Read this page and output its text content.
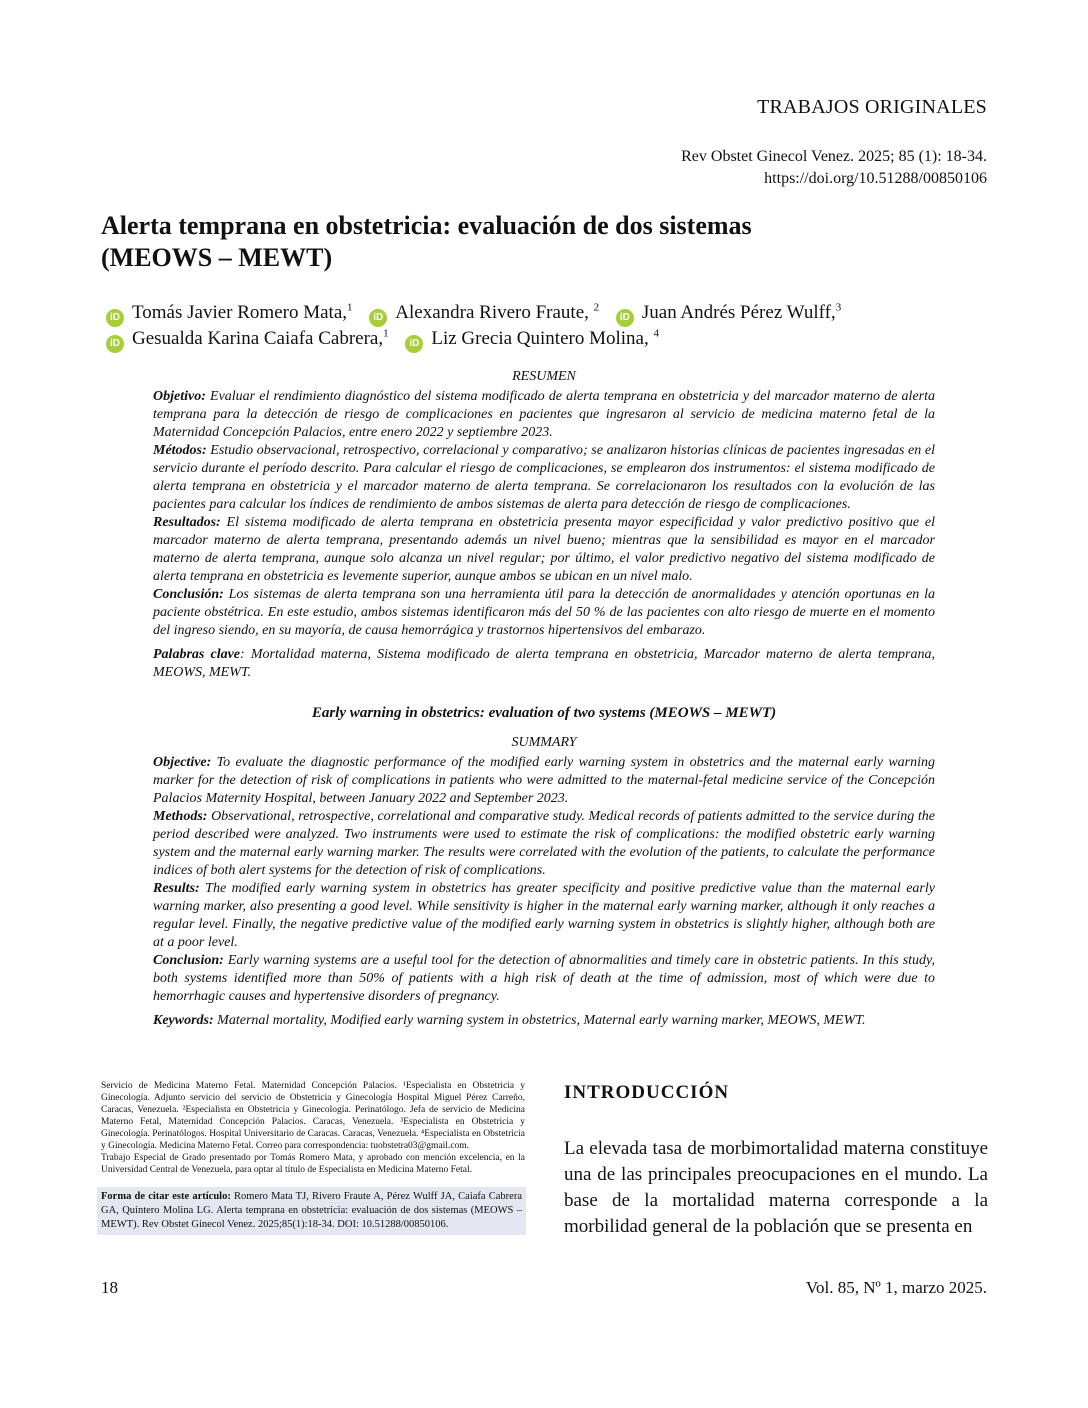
TRABAJOS ORIGINALES
Rev Obstet Ginecol Venez. 2025; 85 (1): 18-34.
https://doi.org/10.51288/00850106
Alerta temprana en obstetricia: evaluación de dos sistemas
(MEOWS – MEWT)
iD Tomás Javier Romero Mata,$^1$ iD Alexandra Rivero Fraute, $^2$ iD Juan Andrés Pérez Wulff,$^3$
iD Gesualda Karina Caiafa Cabrera,$^1$ iD Liz Grecia Quintero Molina, $^4$

RESUMEN

Objetivo: Evaluar el rendimiento diagnóstico del sistema modificado de alerta temprana en obstetricia y del marcador materno de alerta temprana para la detección de riesgo de complicaciones en pacientes que ingresaron al servicio de medicina materno fetal de la Maternidad Concepción Palacios, entre enero 2022 y septiembre 2023.

Métodos: Estudio observacional, retrospectivo, correlacional y comparativo; se analizaron historias clínicas de pacientes ingresadas en el servicio durante el período descrito. Para calcular el riesgo de complicaciones, se emplearon dos instrumentos: el sistema modificado de alerta temprana en obstetricia y el marcador materno de alerta temprana. Se correlacionaron los resultados con la evolución de las pacientes para calcular los índices de rendimiento de ambos sistemas de alerta para detección de riesgo de complicaciones.

Resultados: El sistema modificado de alerta temprana en obstetricia presenta mayor especificidad y valor predictivo positivo que el marcador materno de alerta temprana, presentando además un nivel bueno; mientras que la sensibilidad es mayor en el marcador materno de alerta temprana, aunque solo alcanza un nivel regular; por último, el valor predictivo negativo del sistema modificado de alerta temprana en obstetricia es levemente superior, aunque ambos se ubican en un nivel malo.

Conclusión: Los sistemas de alerta temprana son una herramienta útil para la detección de anormalidades y atención oportunas en la paciente obstétrica. En este estudio, ambos sistemas identificaron más del 50 % de las pacientes con alto riesgo de muerte en el momento del ingreso siendo, en su mayoría, de causa hemorrágica y trastornos hipertensivos del embarazo.

Palabras clave: Mortalidad materna, Sistema modificado de alerta temprana en obstetricia, Marcador materno de alerta temprana, MEOWS, MEWT.

Early warning in obstetrics: evaluation of two systems (MEOWS – MEWT)

SUMMARY

Objective: To evaluate the diagnostic performance of the modified early warning system in obstetrics and the maternal early warning marker for the detection of risk of complications in patients who were admitted to the maternal-fetal medicine service of the Concepción Palacios Maternity Hospital, between January 2022 and September 2023.

Methods: Observational, retrospective, correlational and comparative study. Medical records of patients admitted to the service during the period described were analyzed. Two instruments were used to estimate the risk of complications: the modified obstetric early warning system and the maternal early warning marker. The results were correlated with the evolution of the patients, to calculate the performance indices of both alert systems for the detection of risk of complications.

Results: The modified early warning system in obstetrics has greater specificity and positive predictive value than the maternal early warning marker, also presenting a good level. While sensitivity is higher in the maternal early warning marker, although it only reaches a regular level. Finally, the negative predictive value of the modified early warning system in obstetrics is slightly higher, although both are at a poor level.

Conclusion: Early warning systems are a useful tool for the detection of abnormalities and timely care in obstetric patients. In this study, both systems identified more than 50% of patients with a high risk of death at the time of admission, most of which were due to hemorrhagic causes and hypertensive disorders of pregnancy.

Keywords: Maternal mortality, Modified early warning system in obstetrics, Maternal early warning marker, MEOWS, MEWT.

Servicio de Medicina Materno Fetal. Maternidad Concepción Palacios. ¹Especialista en Obstetricia y Ginecología. Adjunto servicio del servicio de Obstetricia y Ginecología Hospital Miguel Pérez Carreño, Caracas, Venezuela. ²Especialista en Obstetricia y Ginecología. Perinatólogo. Jefa de servicio de Medicina Materno Fetal, Maternidad Concepción Palacios. Caracas, Venezuela. ³Especialista en Obstetricia y Ginecología. Perinatólogos. Hospital Universitario de Caracas. Caracas, Venezuela. ⁴Especialista en Obstetricia y Ginecología. Medicina Materno Fetal. Correo para correspondencia: tuobstetra03@gmail.com.

Trabajo Especial de Grado presentado por Tomás Romero Mata, y aprobado con mención excelencia, en la Universidad Central de Venezuela, para optar al título de Especialista en Medicina Materno Fetal.

Forma de citar este artículo: Romero Mata TJ, Rivero Fraute A, Pérez Wulff JA, Caiafa Cabrera GA, Quintero Molina LG. Alerta temprana en obstetricia: evaluación de dos sistemas (MEOWS – MEWT). Rev Obstet Ginecol Venez. 2025;85(1):18-34. DOI: 10.51288/00850106.
INTRODUCCIÓN
La elevada tasa de morbimortalidad materna constituye una de las principales preocupaciones en el mundo. La base de la mortalidad materna corresponde a la morbilidad general de la población que se presenta en
18	Vol. 85, Nº 1, marzo 2025.
